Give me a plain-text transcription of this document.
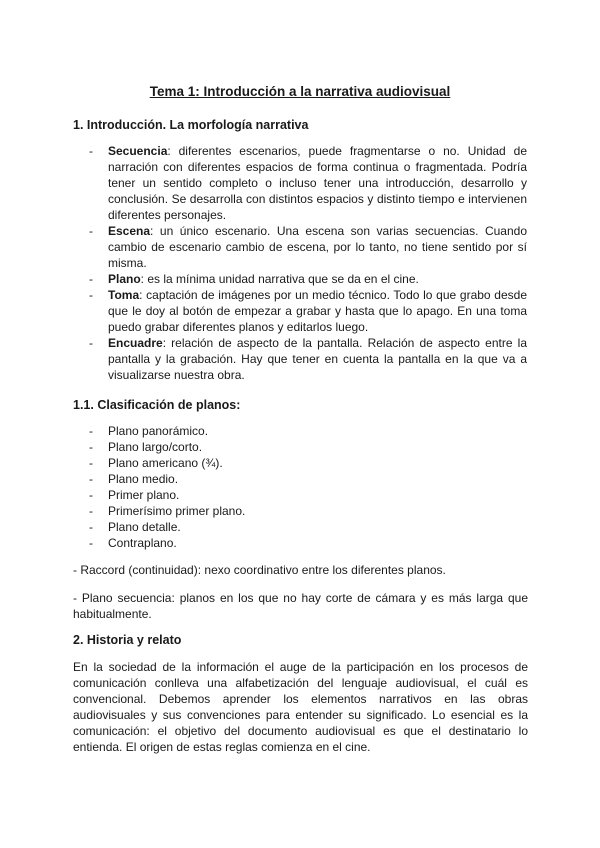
Tema 1: Introducción a la narrativa audiovisual
1. Introducción. La morfología narrativa
- Secuencia: diferentes escenarios, puede fragmentarse o no. Unidad de narración con diferentes espacios de forma continua o fragmentada. Podría tener un sentido completo o incluso tener una introducción, desarrollo y conclusión. Se desarrolla con distintos espacios y distinto tiempo e intervienen diferentes personajes.
- Escena: un único escenario. Una escena son varias secuencias. Cuando cambio de escenario cambio de escena, por lo tanto, no tiene sentido por sí misma.
- Plano: es la mínima unidad narrativa que se da en el cine.
- Toma: captación de imágenes por un medio técnico. Todo lo que grabo desde que le doy al botón de empezar a grabar y hasta que lo apago. En una toma puedo grabar diferentes planos y editarlos luego.
- Encuadre: relación de aspecto de la pantalla. Relación de aspecto entre la pantalla y la grabación. Hay que tener en cuenta la pantalla en la que va a visualizarse nuestra obra.
1.1. Clasificación de planos:
- Plano panorámico.
- Plano largo/corto.
- Plano americano (¾).
- Plano medio.
- Primer plano.
- Primerísimo primer plano.
- Plano detalle.
- Contraplano.

- Raccord (continuidad): nexo coordinativo entre los diferentes planos.

- Plano secuencia: planos en los que no hay corte de cámara y es más larga que habitualmente.

2. Historia y relato

En la sociedad de la información el auge de la participación en los procesos de comunicación conlleva una alfabetización del lenguaje audiovisual, el cuál es convencional. Debemos aprender los elementos narrativos en las obras audiovisuales y sus convenciones para entender su significado. Lo esencial es la comunicación: el objetivo del documento audiovisual es que el destinatario lo entienda. El origen de estas reglas comienza en el cine.
